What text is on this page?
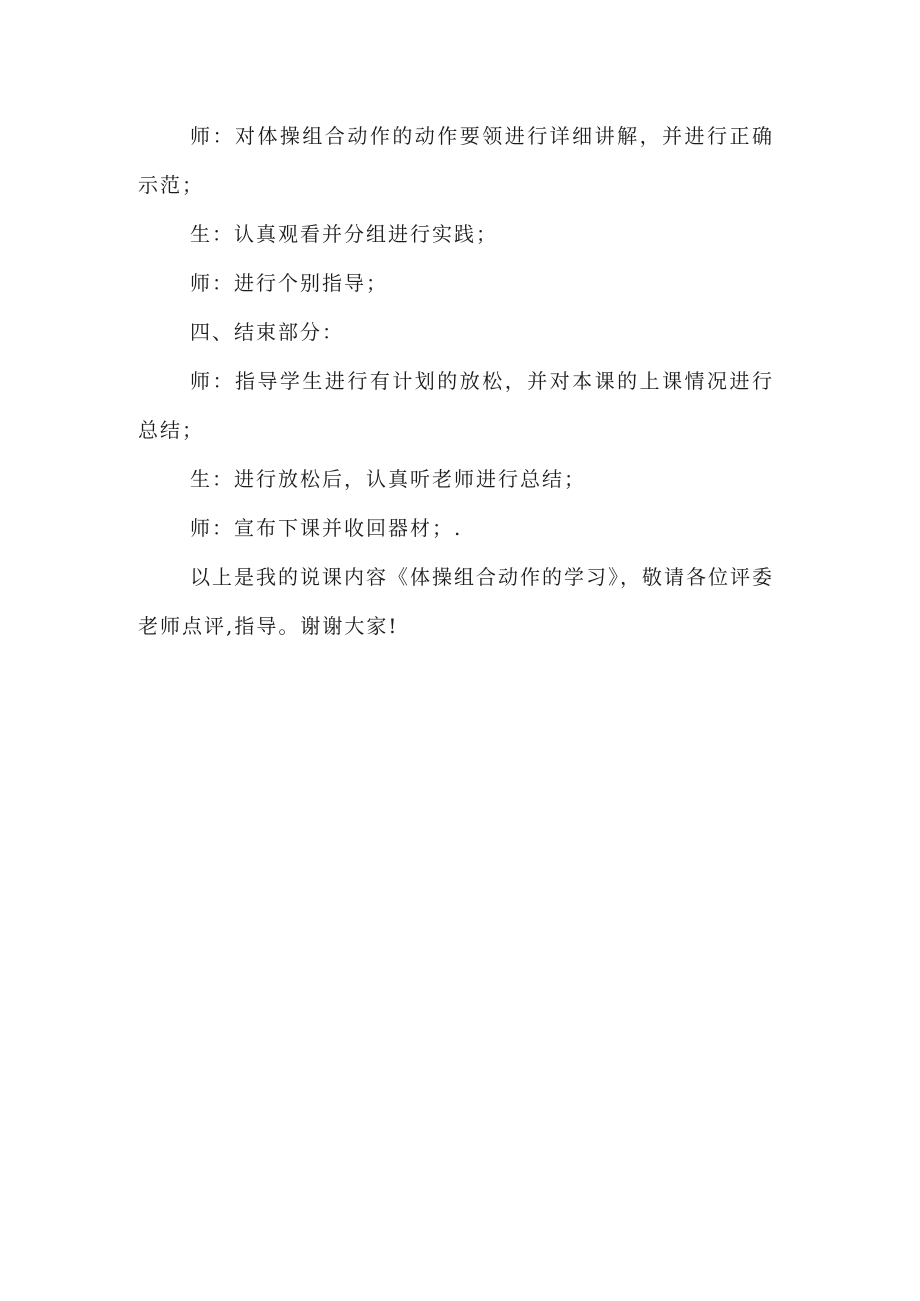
师：对体操组合动作的动作要领进行详细讲解，并进行正确示范；

生：认真观看并分组进行实践；

师：进行个别指导；

四、结束部分：

师：指导学生进行有计划的放松，并对本课的上课情况进行总结；

生：进行放松后，认真听老师进行总结；

师：宣布下课并收回器材；.

以上是我的说课内容《体操组合动作的学习》，敬请各位评委老师点评,指导。谢谢大家!
